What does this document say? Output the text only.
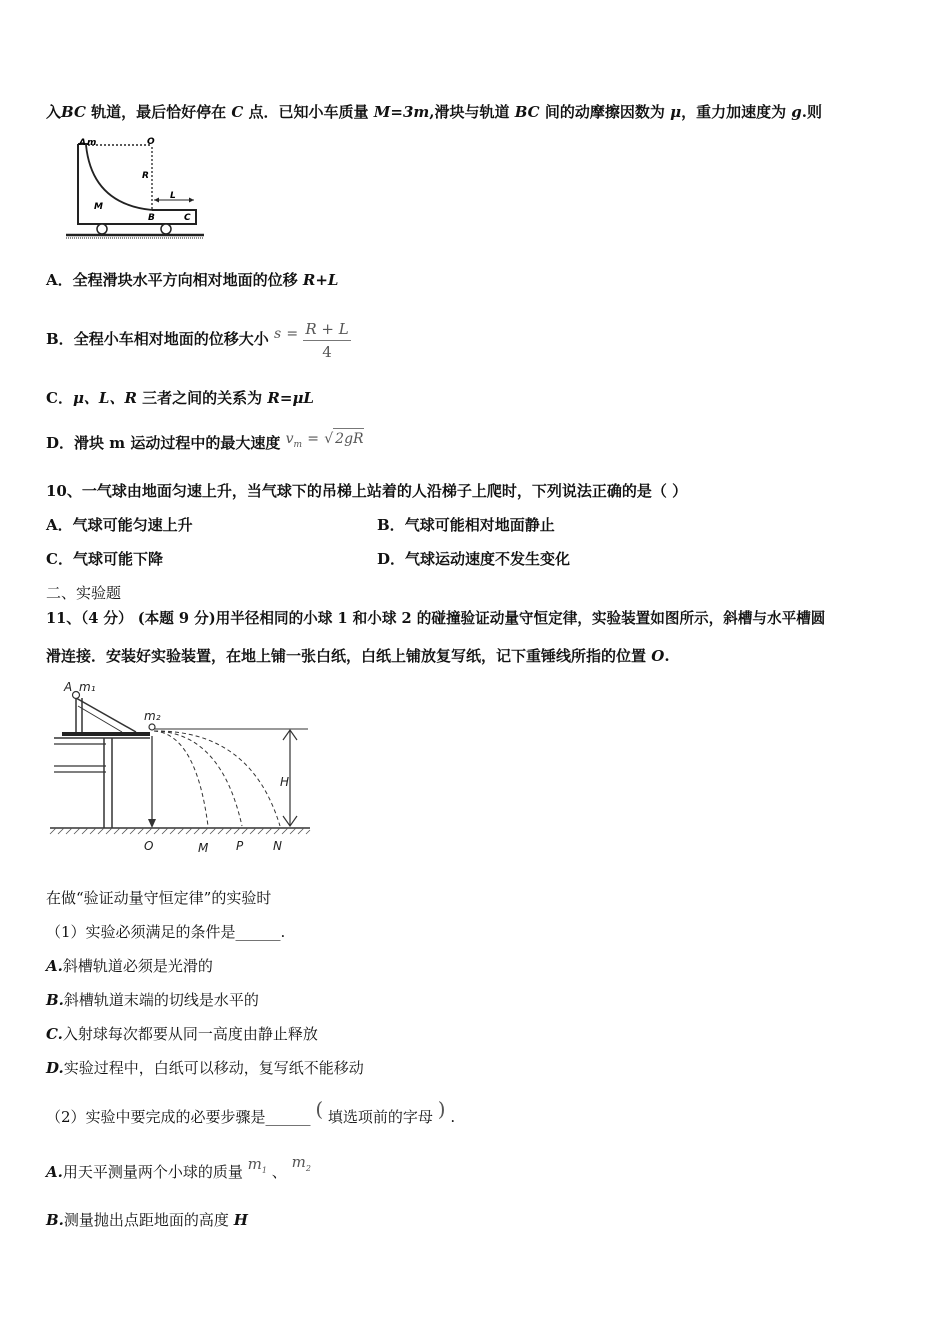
入BC 轨道，最后恰好停在 C 点．已知小车质量 M=3m,滑块与轨道 BC 间的动摩擦因数为 μ，重力加速度为 g.则
A m	O
R
M
B	C
L
A．全程滑块水平方向相对地面的位移 R+L
B．全程小车相对地面的位移大小 $s = \frac{R + L}{4}$
C．μ、L、R 三者之间的关系为 R=μL
D．滑块 m 运动过程中的最大速度 $v_m$ = √ 2gR
10、一气球由地面匀速上升，当气球下的吊梯上站着的人沿梯子上爬时，下列说法正确的是（ ）
A．气球可能匀速上升	B．气球可能相对地面静止
C．气球可能下降	D．气球运动速度不发生变化
二、实验题
11、（4 分） (本题 9 分)用半径相同的小球 1 和小球 2 的碰撞验证动量守恒定律，实验装置如图所示，斜槽与水平槽圆
滑连接．安装好实验装置，在地上铺一张白纸，白纸上铺放复写纸，记下重锤线所指的位置 O.
A m₁
m₂
H
O	M P N
在做“验证动量守恒定律”的实验时
（1）实验必须满足的条件是______.
A.斜槽轨道必须是光滑的
B.斜槽轨道末端的切线是水平的
C.入射球每次都要从同一高度由静止释放
D.实验过程中，白纸可以移动，复写纸不能移动
（2）实验中要完成的必要步骤是______ ( 填选项前的字母 ) .
A.用天平测量两个小球的质量 $m_1$ 、 $m_2$
B.测量抛出点距地面的高度 H
